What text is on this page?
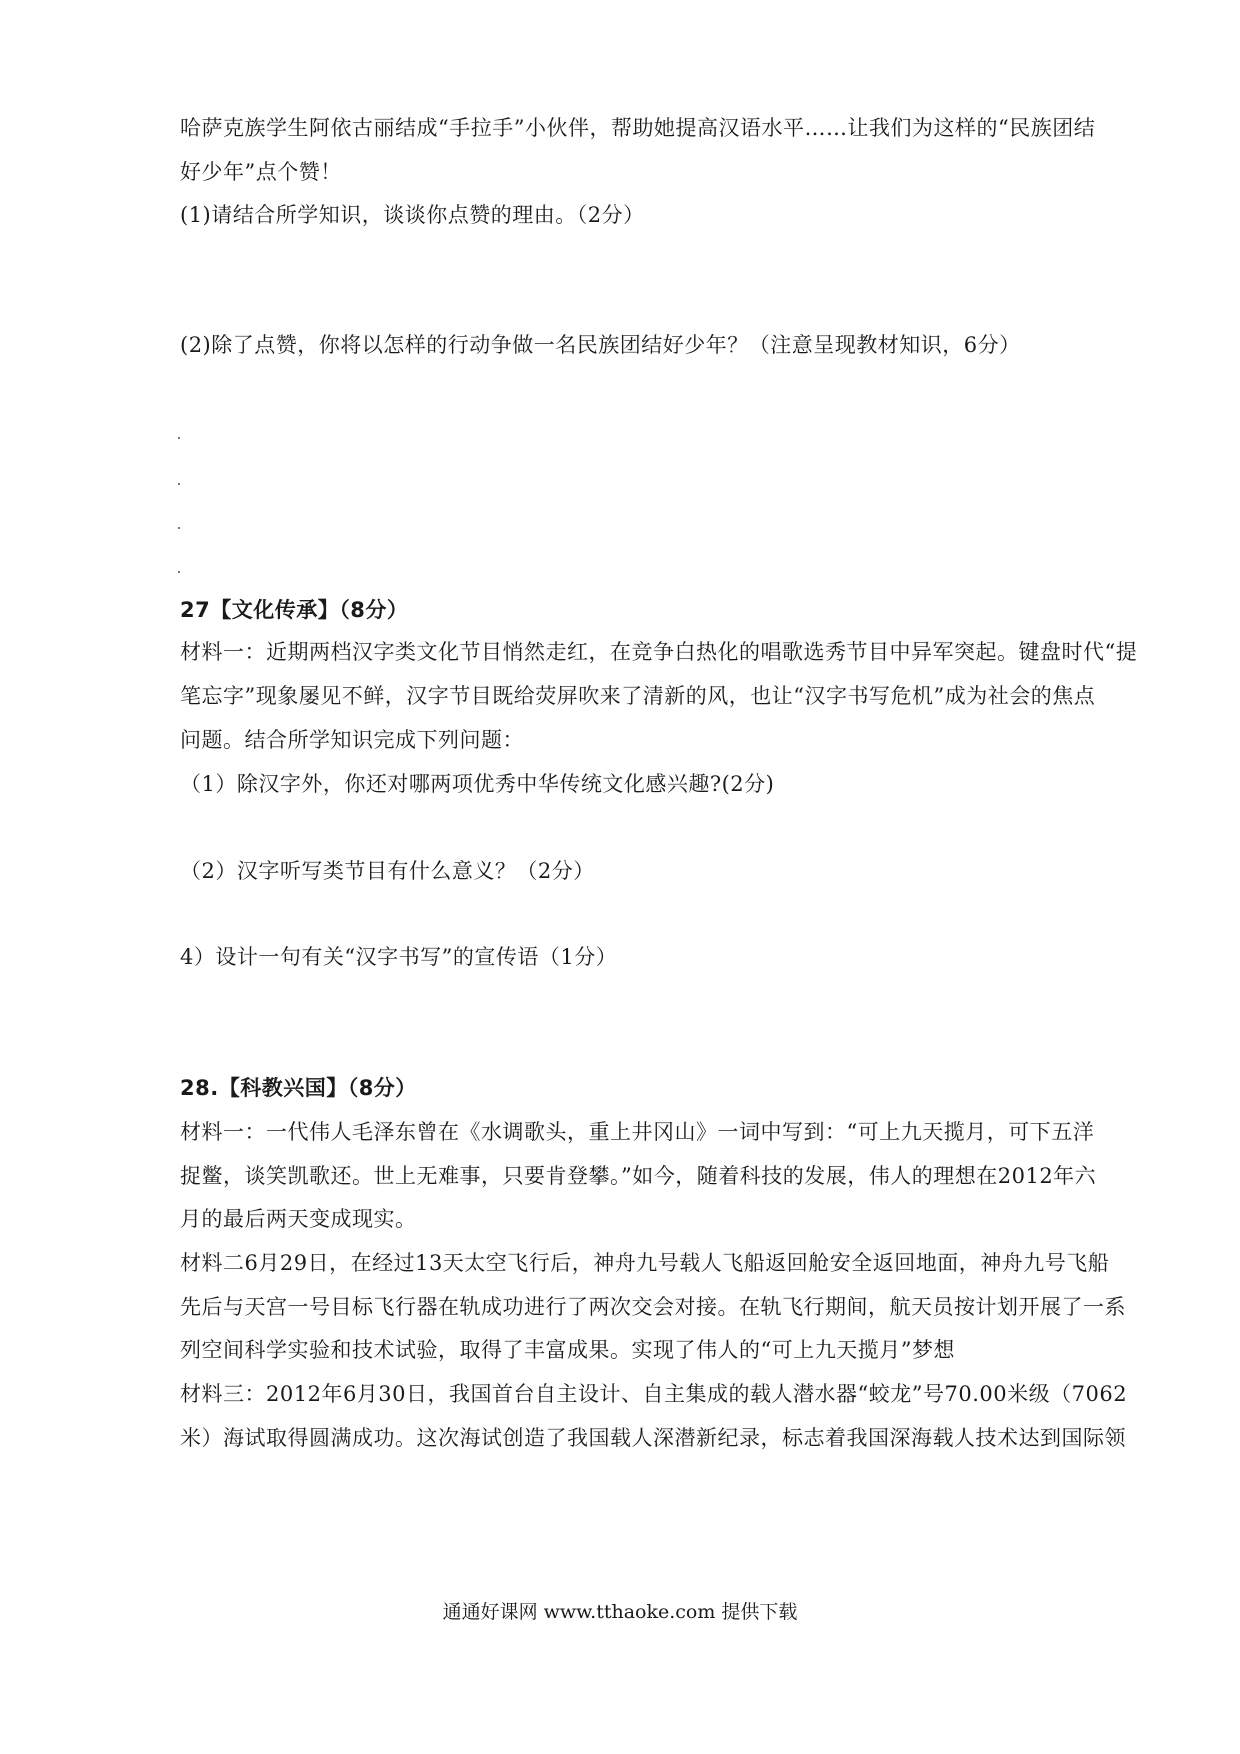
哈萨克族学生阿依古丽结成“手拉手”小伙伴，帮助她提高汉语水平……让我们为这样的“民族团结
好少年”点个赞！
(1)请结合所学知识，谈谈你点赞的理由。（2分）
(2)除了点赞，你将以怎样的行动争做一名民族团结好少年？（注意呈现教材知识，6分）
27【文化传承】（8分）
材料一：近期两档汉字类文化节目悄然走红，在竞争白热化的唱歌选秀节目中异军突起。键盘时代“提
笔忘字”现象屡见不鲜，汉字节目既给荧屏吹来了清新的风，也让“汉字书写危机”成为社会的焦点
问题。结合所学知识完成下列问题：
（1）除汉字外，你还对哪两项优秀中华传统文化感兴趣?(2分)
（2）汉字听写类节目有什么意义？（2分）
4）设计一句有关“汉字书写”的宣传语（1分）
28.【科教兴国】（8分）
材料一：一代伟人毛泽东曾在《水调歌头，重上井冈山》一词中写到：“可上九天揽月，可下五洋
捉鳖，谈笑凯歌还。世上无难事，只要肯登攀。”如今，随着科技的发展，伟人的理想在2012年六
月的最后两天变成现实。
材料二6月29日，在经过13天太空飞行后，神舟九号载人飞船返回舱安全返回地面，神舟九号飞船
先后与天宫一号目标飞行器在轨成功进行了两次交会对接。在轨飞行期间，航天员按计划开展了一系
列空间科学实验和技术试验，取得了丰富成果。实现了伟人的“可上九天揽月”梦想
材料三：2012年6月30日，我国首台自主设计、自主集成的载人潜水器“蛟龙”号70.00米级（7062
米）海试取得圆满成功。这次海试创造了我国载人深潜新纪录，标志着我国深海载人技术达到国际领
通通好课网 www.tthaoke.com 提供下载
